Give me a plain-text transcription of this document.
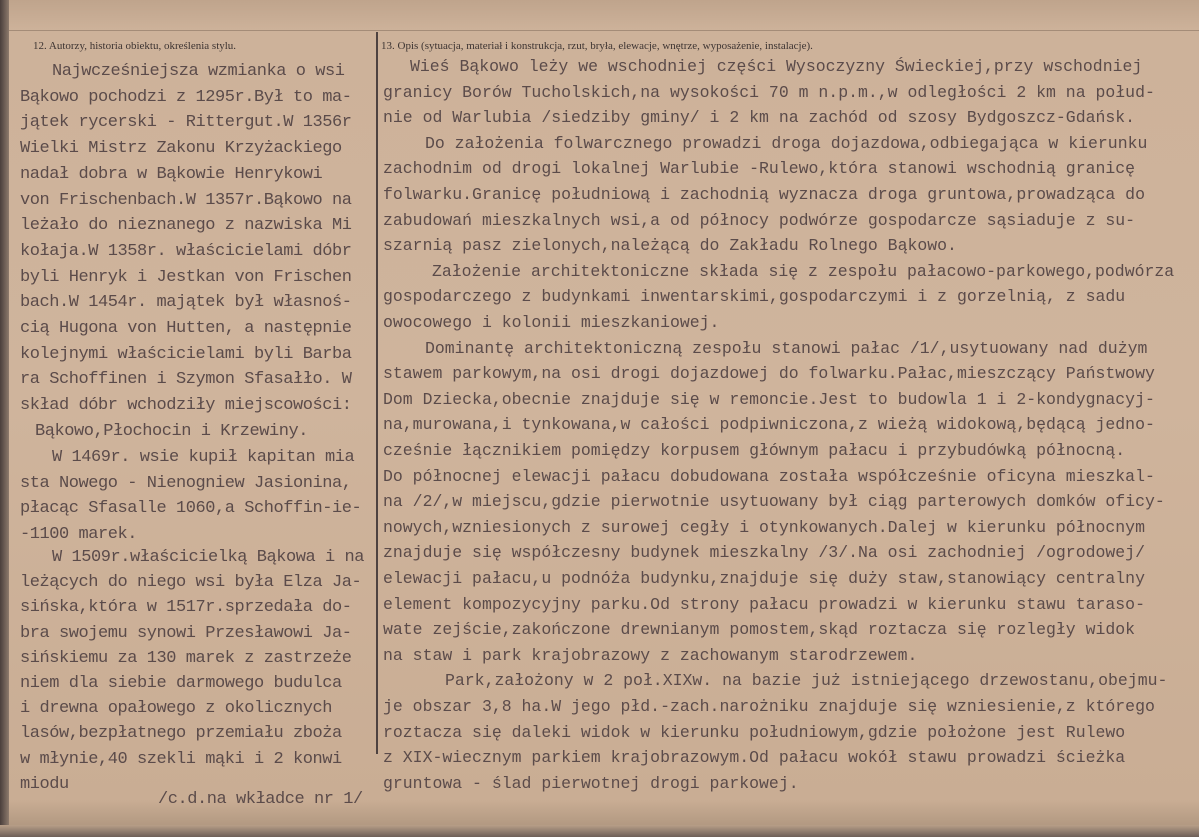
12. Autorzy, historia obiektu, określenia stylu.
Najwcześniejsza wzmianka o wsi
Bąkowo pochodzi z 1295r.Był to ma-
jątek rycerski - Rittergut.W 1356r
Wielki Mistrz Zakonu Krzyżackiego
nadał dobra w Bąkowie Henrykowi
von Frischenbach.W 1357r.Bąkowo na
leżało do nieznanego z nazwiska Mi
kołaja.W 1358r. właścicielami dóbr
byli Henryk i Jestkan von Frischen
bach.W 1454r. majątek był własnoś-
cią Hugona von Hutten, a następnie
kolejnymi właścicielami byli Barba
ra Schoffinen i Szymon Sfasałło. W
skład dóbr wchodziły miejscowości:
Bąkowo,Płochocin i Krzewiny.
W 1469r. wsie kupił kapitan mia
sta Nowego - Nienogniew Jasionina,
płacąc Sfasalle 1060,a Schoffin-ie-
-1100 marek.
W 1509r.właścicielką Bąkowa i na
leżących do niego wsi była Elza Ja-
sińska,która w 1517r.sprzedała do-
bra swojemu synowi Przesławowi Ja-
sińskiemu za 130 marek z zastrzeże
niem dla siebie darmowego budulca
i drewna opałowego z okolicznych
lasów,bezpłatnego przemiału zboża
w młynie,40 szekli mąki i 2 konwi
miodu
/c.d.na wkładce nr 1/
13. Opis (sytuacja, materiał i konstrukcja, rzut, bryła, elewacje, wnętrze, wyposażenie, instalacje).
Wieś Bąkowo leży we wschodniej części Wysoczyzny Świeckiej,przy wschodniej
granicy Borów Tucholskich,na wysokości 70 m n.p.m.,w odległości 2 km na połud-
nie od Warlubia /siedziby gminy/ i 2 km na zachód od szosy Bydgoszcz-Gdańsk.
Do założenia folwarcznego prowadzi droga dojazdowa,odbiegająca w kierunku
zachodnim od drogi lokalnej Warlubie -Rulewo,która stanowi wschodnią granicę
folwarku.Granicę południową i zachodnią wyznacza droga gruntowa,prowadząca do
zabudowań mieszkalnych wsi,a od północy podwórze gospodarcze sąsiaduje z su-
szarnią pasz zielonych,należącą do Zakładu Rolnego Bąkowo.
Założenie architektoniczne składa się z zespołu pałacowo-parkowego,podwórza
gospodarczego z budynkami inwentarskimi,gospodarczymi i z gorzelnią, z sadu
owocowego i kolonii mieszkaniowej.
Dominantę architektoniczną zespołu stanowi pałac /1/,usytuowany nad dużym
stawem parkowym,na osi drogi dojazdowej do folwarku.Pałac,mieszczący Państwowy
Dom Dziecka,obecnie znajduje się w remoncie.Jest to budowla 1 i 2-kondygnacyj-
na,murowana,i tynkowana,w całości podpiwniczona,z wieżą widokową,będącą jedno-
cześnie łącznikiem pomiędzy korpusem głównym pałacu i przybudówką północną.
Do północnej elewacji pałacu dobudowana została współcześnie oficyna mieszkal-
na /2/,w miejscu,gdzie pierwotnie usytuowany był ciąg parterowych domków oficy-
nowych,wzniesionych z surowej cegły i otynkowanych.Dalej w kierunku północnym
znajduje się współczesny budynek mieszkalny /3/.Na osi zachodniej /ogrodowej/
elewacji pałacu,u podnóża budynku,znajduje się duży staw,stanowiący centralny
element kompozycyjny parku.Od strony pałacu prowadzi w kierunku stawu taraso-
wate zejście,zakończone drewnianym pomostem,skąd roztacza się rozległy widok
na staw i park krajobrazowy z zachowanym starodrzewem.
Park,założony w 2 poł.XIXw. na bazie już istniejącego drzewostanu,obejmu-
je obszar 3,8 ha.W jego płd.-zach.narożniku znajduje się wzniesienie,z którego
roztacza się daleki widok w kierunku południowym,gdzie położone jest Rulewo
z XIX-wiecznym parkiem krajobrazowym.Od pałacu wokół stawu prowadzi ścieżka
gruntowa - ślad pierwotnej drogi parkowej.
